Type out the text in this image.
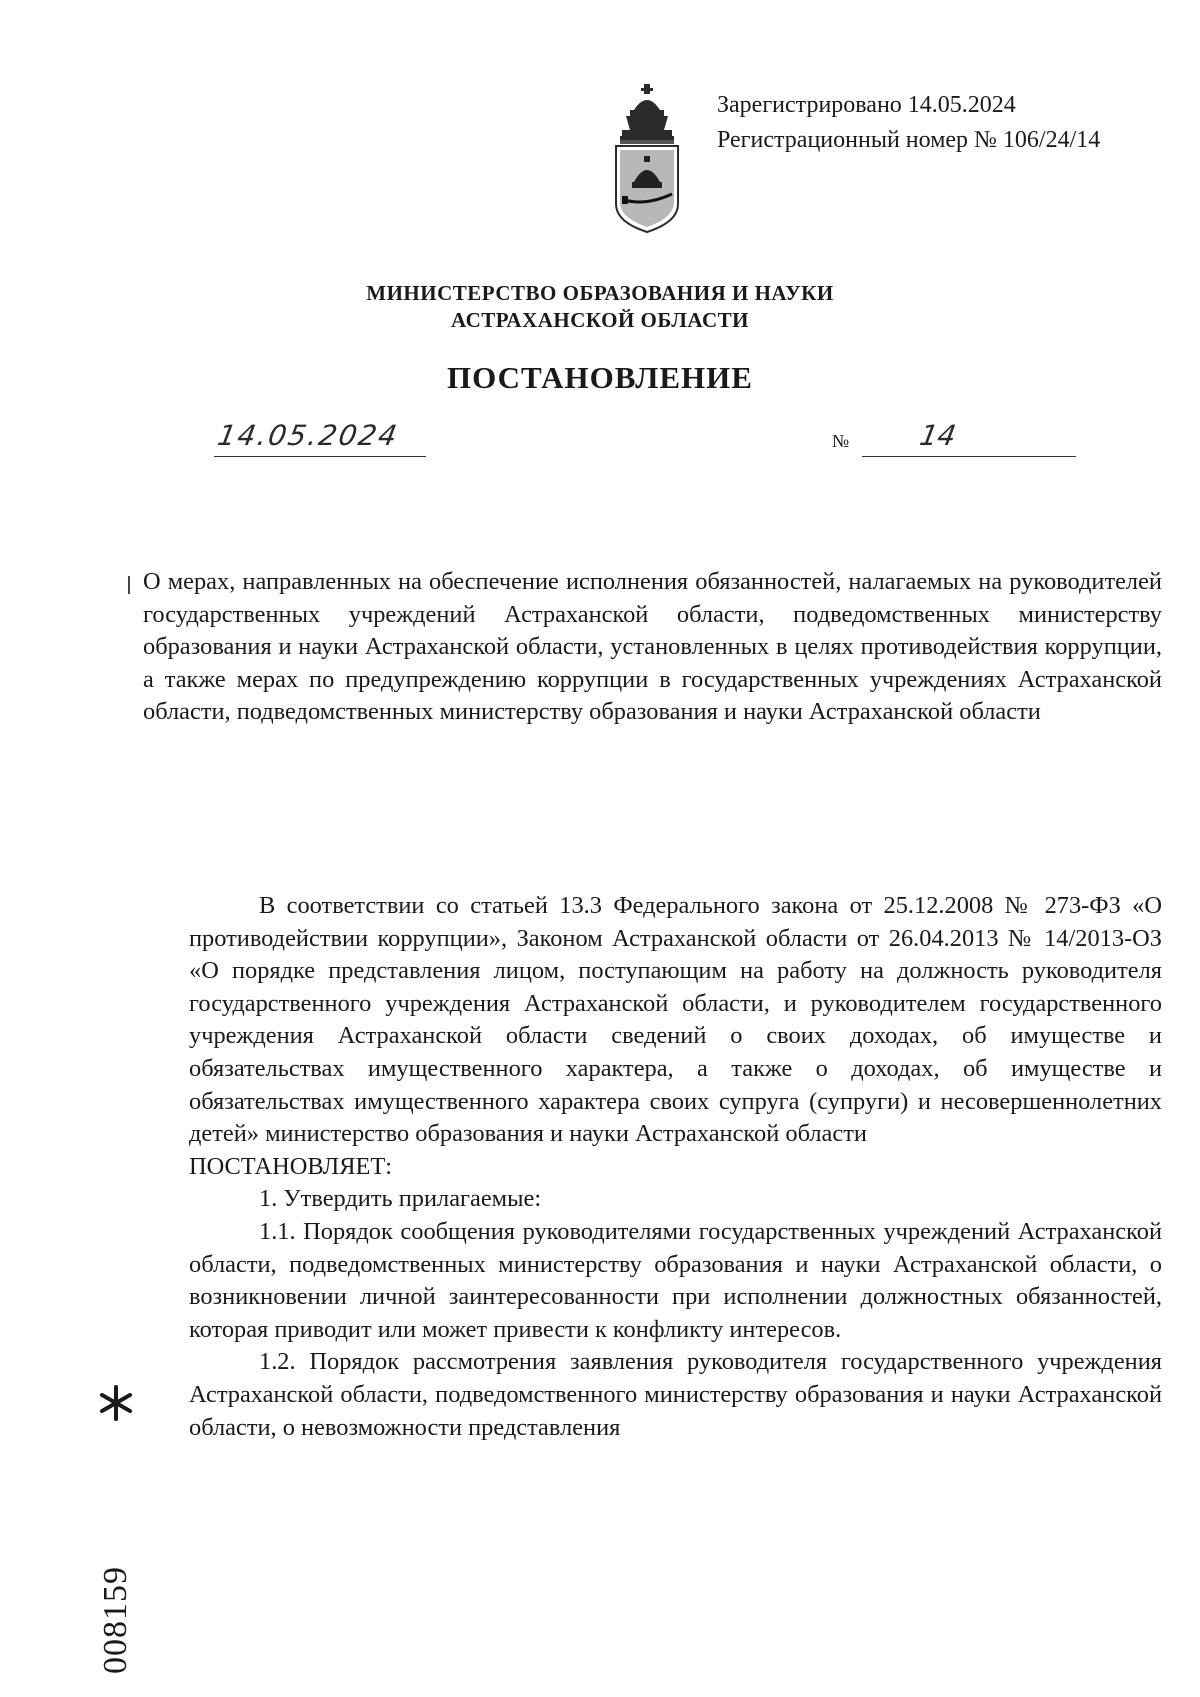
Зарегистрировано 14.05.2024
Регистрационный номер № 106/24/14
МИНИСТЕРСТВО ОБРАЗОВАНИЯ И НАУКИ
АСТРАХАНСКОЙ ОБЛАСТИ
ПОСТАНОВЛЕНИЕ
14.05.2024	№ 14
О мерах, направленных на обеспечение исполнения обязанностей, налагаемых на руководителей государственных учреждений Астраханской области, подведомственных министерству образования и науки Астраханской области, установленных в целях противодействия коррупции, а также мерах по предупреждению коррупции в государственных учреждениях Астраханской области, подведомственных министерству образования и науки Астраханской области

В соответствии со статьей 13.3 Федерального закона от 25.12.2008 № 273-ФЗ «О противодействии коррупции», Законом Астраханской области от 26.04.2013 № 14/2013-ОЗ «О порядке представления лицом, поступающим на работу на должность руководителя государственного учреждения Астраханской области, и руководителем государственного учреждения Астраханской области сведений о своих доходах, об имуществе и обязательствах имущественного характера, а также о доходах, об имуществе и обязательствах имущественного характера своих супруга (супруги) и несовершеннолетних детей» министерство образования и науки Астраханской области

ПОСТАНОВЛЯЕТ:

1. Утвердить прилагаемые:

1.1. Порядок сообщения руководителями государственных учреждений Астраханской области, подведомственных министерству образования и науки Астраханской области, о возникновении личной заинтересованности при исполнении должностных обязанностей, которая приводит или может привести к конфликту интересов.

1.2. Порядок рассмотрения заявления руководителя государственного учреждения Астраханской области, подведомственного министерству образования и науки Астраханской области, о невозможности представления

008159
